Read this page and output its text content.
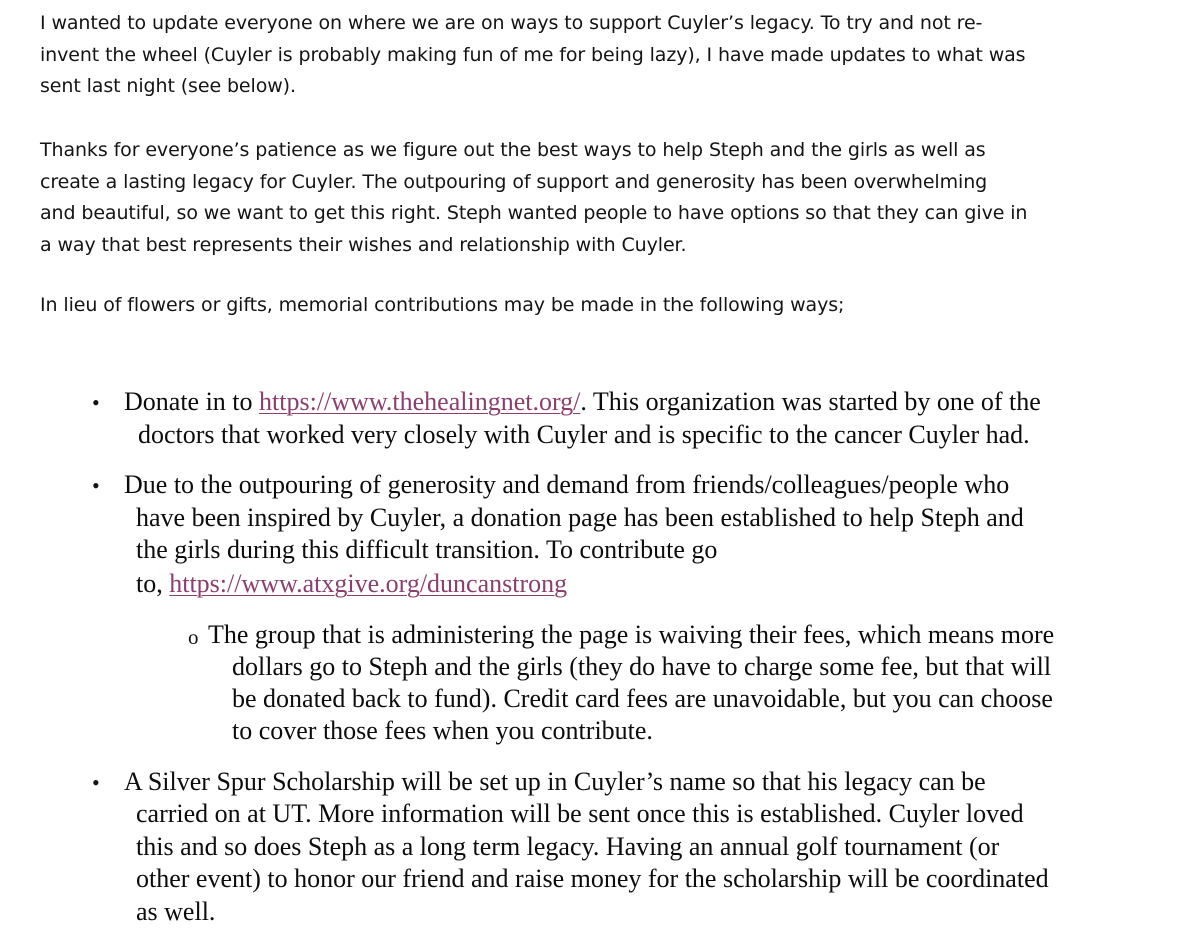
I wanted to update everyone on where we are on ways to support Cuyler’s legacy. To try and not re-
invent the wheel (Cuyler is probably making fun of me for being lazy), I have made updates to what was
sent last night (see below).
Thanks for everyone’s patience as we figure out the best ways to help Steph and the girls as well as
create a lasting legacy for Cuyler. The outpouring of support and generosity has been overwhelming
and beautiful, so we want to get this right. Steph wanted people to have options so that they can give in
a way that best represents their wishes and relationship with Cuyler.
In lieu of flowers or gifts, memorial contributions may be made in the following ways;
• Donate in to https://www.thehealingnet.org/. This organization was started by one of the
doctors that worked very closely with Cuyler and is specific to the cancer Cuyler had.
• Due to the outpouring of generosity and demand from friends/colleagues/people who
have been inspired by Cuyler, a donation page has been established to help Steph and
the girls during this difficult transition. To contribute go
to, https://www.atxgive.org/duncanstrong
o The group that is administering the page is waiving their fees, which means more
dollars go to Steph and the girls (they do have to charge some fee, but that will
be donated back to fund). Credit card fees are unavoidable, but you can choose
to cover those fees when you contribute.
• A Silver Spur Scholarship will be set up in Cuyler’s name so that his legacy can be
carried on at UT. More information will be sent once this is established. Cuyler loved
this and so does Steph as a long term legacy. Having an annual golf tournament (or
other event) to honor our friend and raise money for the scholarship will be coordinated
as well.
